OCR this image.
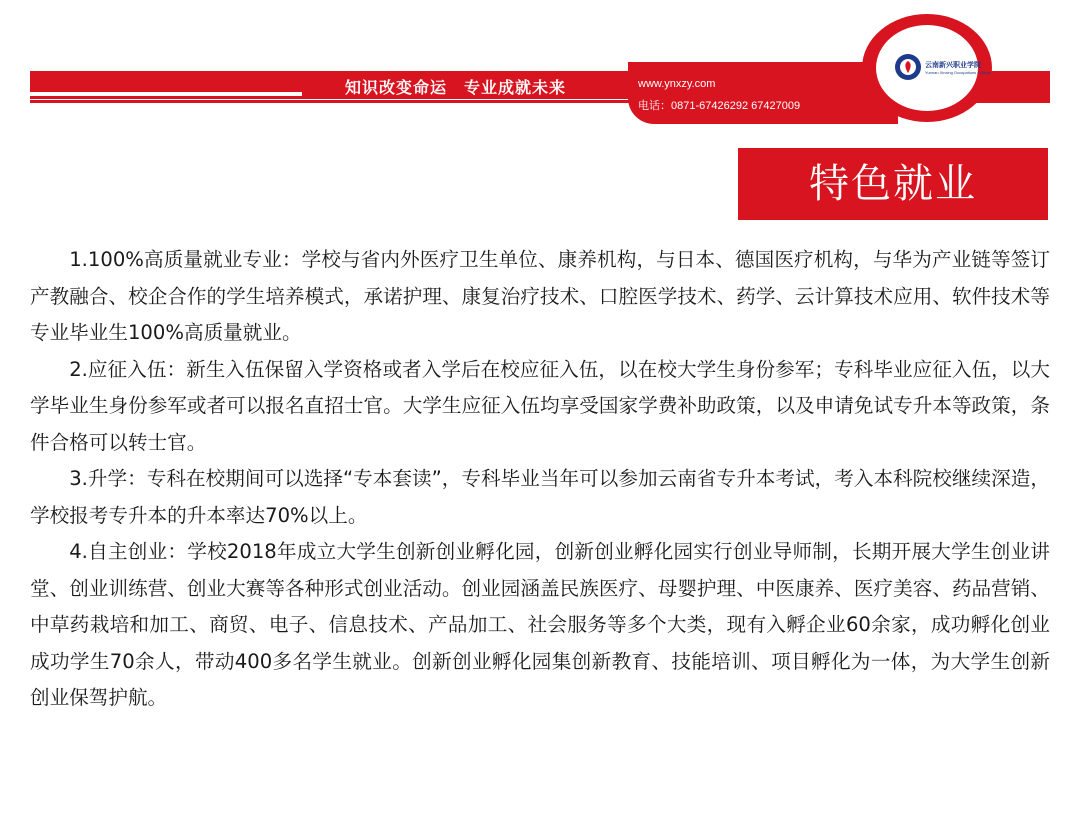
知识改变命运　专业成就未来	www.ynxzy.com
电话：0871-67426292 67427009
云南新兴职业学院
Yunnan Xinxing Occupations College
特色就业

1.100%高质量就业专业：学校与省内外医疗卫生单位、康养机构，与日本、德国医疗机构，与华为产业链等签订产教融合、校企合作的学生培养模式，承诺护理、康复治疗技术、口腔医学技术、药学、云计算技术应用、软件技术等专业毕业生100%高质量就业。

2.应征入伍：新生入伍保留入学资格或者入学后在校应征入伍，以在校大学生身份参军；专科毕业应征入伍，以大学毕业生身份参军或者可以报名直招士官。大学生应征入伍均享受国家学费补助政策，以及申请免试专升本等政策，条件合格可以转士官。

3.升学：专科在校期间可以选择“专本套读”，专科毕业当年可以参加云南省专升本考试，考入本科院校继续深造，学校报考专升本的升本率达70%以上。

4.自主创业：学校2018年成立大学生创新创业孵化园，创新创业孵化园实行创业导师制，长期开展大学生创业讲堂、创业训练营、创业大赛等各种形式创业活动。创业园涵盖民族医疗、母婴护理、中医康养、医疗美容、药品营销、中草药栽培和加工、商贸、电子、信息技术、产品加工、社会服务等多个大类，现有入孵企业60余家，成功孵化创业成功学生70余人，带动400多名学生就业。创新创业孵化园集创新教育、技能培训、项目孵化为一体，为大学生创新创业保驾护航。
